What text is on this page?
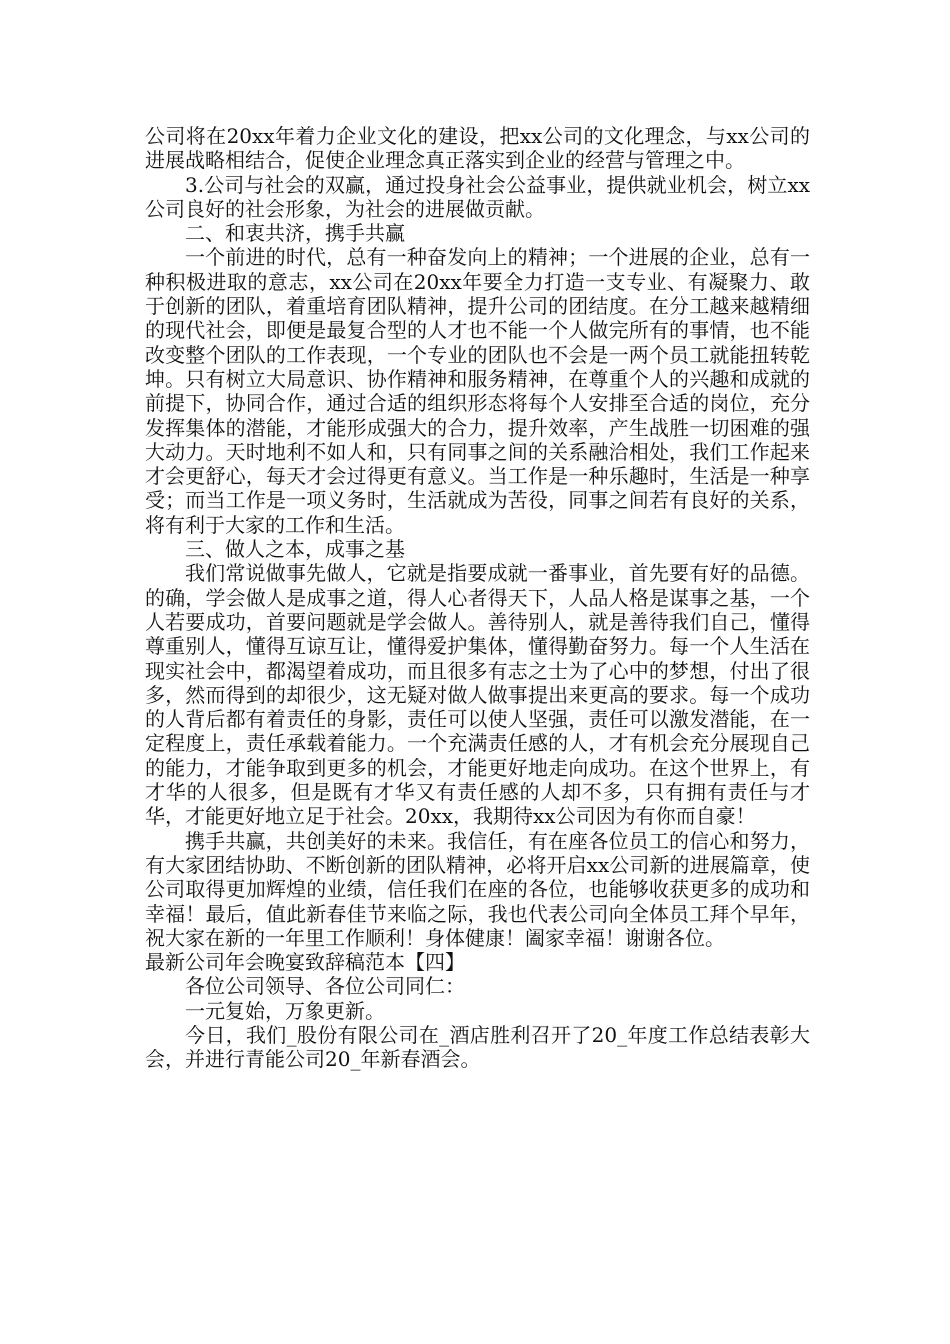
公司将在20xx年着力企业文化的建设，把xx公司的文化理念，与xx公司的进展战略相结合，促使企业理念真正落实到企业的经营与管理之中。

3.公司与社会的双赢，通过投身社会公益事业，提供就业机会，树立xx公司良好的社会形象，为社会的进展做贡献。

二、和衷共济，携手共赢

一个前进的时代，总有一种奋发向上的精神；一个进展的企业，总有一种积极进取的意志，xx公司在20xx年要全力打造一支专业、有凝聚力、敢于创新的团队，着重培育团队精神，提升公司的团结度。在分工越来越精细的现代社会，即便是最复合型的人才也不能一个人做完所有的事情，也不能改变整个团队的工作表现，一个专业的团队也不会是一两个员工就能扭转乾坤。只有树立大局意识、协作精神和服务精神，在尊重个人的兴趣和成就的前提下，协同合作，通过合适的组织形态将每个人安排至合适的岗位，充分发挥集体的潜能，才能形成强大的合力，提升效率，产生战胜一切困难的强大动力。天时地利不如人和，只有同事之间的关系融洽相处，我们工作起来才会更舒心，每天才会过得更有意义。当工作是一种乐趣时，生活是一种享受；而当工作是一项义务时，生活就成为苦役，同事之间若有良好的关系，将有利于大家的工作和生活。

三、做人之本，成事之基

我们常说做事先做人，它就是指要成就一番事业，首先要有好的品德。的确，学会做人是成事之道，得人心者得天下，人品人格是谋事之基，一个人若要成功，首要问题就是学会做人。善待别人，就是善待我们自己，懂得尊重别人，懂得互谅互让，懂得爱护集体，懂得勤奋努力。每一个人生活在现实社会中，都渴望着成功，而且很多有志之士为了心中的梦想，付出了很多，然而得到的却很少，这无疑对做人做事提出来更高的要求。每一个成功的人背后都有着责任的身影，责任可以使人坚强，责任可以激发潜能，在一定程度上，责任承载着能力。一个充满责任感的人，才有机会充分展现自己的能力，才能争取到更多的机会，才能更好地走向成功。在这个世界上，有才华的人很多，但是既有才华又有责任感的人却不多，只有拥有责任与才华，才能更好地立足于社会。20xx，我期待xx公司因为有你而自豪！

携手共赢，共创美好的未来。我信任，有在座各位员工的信心和努力，有大家团结协助、不断创新的团队精神，必将开启xx公司新的进展篇章，使公司取得更加辉煌的业绩，信任我们在座的各位，也能够收获更多的成功和幸福！最后，值此新春佳节来临之际，我也代表公司向全体员工拜个早年，祝大家在新的一年里工作顺利！身体健康！阖家幸福！谢谢各位。

最新公司年会晚宴致辞稿范本【四】

各位公司领导、各位公司同仁：

一元复始，万象更新。

今日，我们_股份有限公司在_酒店胜利召开了20_年度工作总结表彰大会，并进行青能公司20_年新春酒会。
